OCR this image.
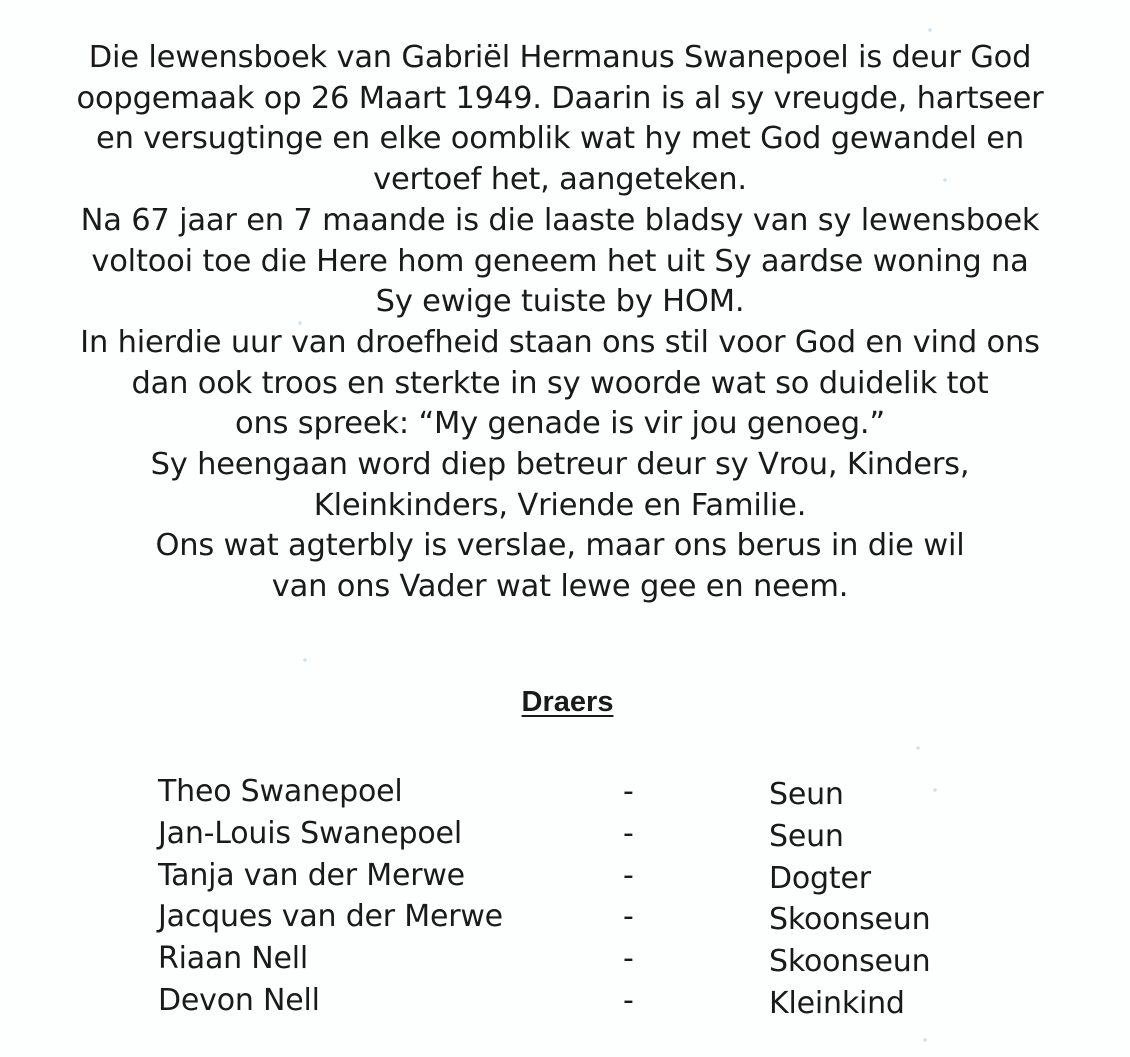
Die lewensboek van Gabriël Hermanus Swanepoel is deur God
oopgemaak op 26 Maart 1949. Daarin is al sy vreugde, hartseer
en versugtinge en elke oomblik wat hy met God gewandel en
vertoef het, aangeteken.
Na 67 jaar en 7 maande is die laaste bladsy van sy lewensboek
voltooi toe die Here hom geneem het uit Sy aardse woning na
Sy ewige tuiste by HOM.
In hierdie uur van droefheid staan ons stil voor God en vind ons
dan ook troos en sterkte in sy woorde wat so duidelik tot
ons spreek: “My genade is vir jou genoeg.”
Sy heengaan word diep betreur deur sy Vrou, Kinders,
Kleinkinders, Vriende en Familie.
Ons wat agterbly is verslae, maar ons berus in die wil
van ons Vader wat lewe gee en neem.
Draers
Theo Swanepoel	-	Seun
Jan-Louis Swanepoel	-	Seun
Tanja van der Merwe	-	Dogter
Jacques van der Merwe	-	Skoonseun
Riaan Nell	-	Skoonseun
Devon Nell	-	Kleinkind
